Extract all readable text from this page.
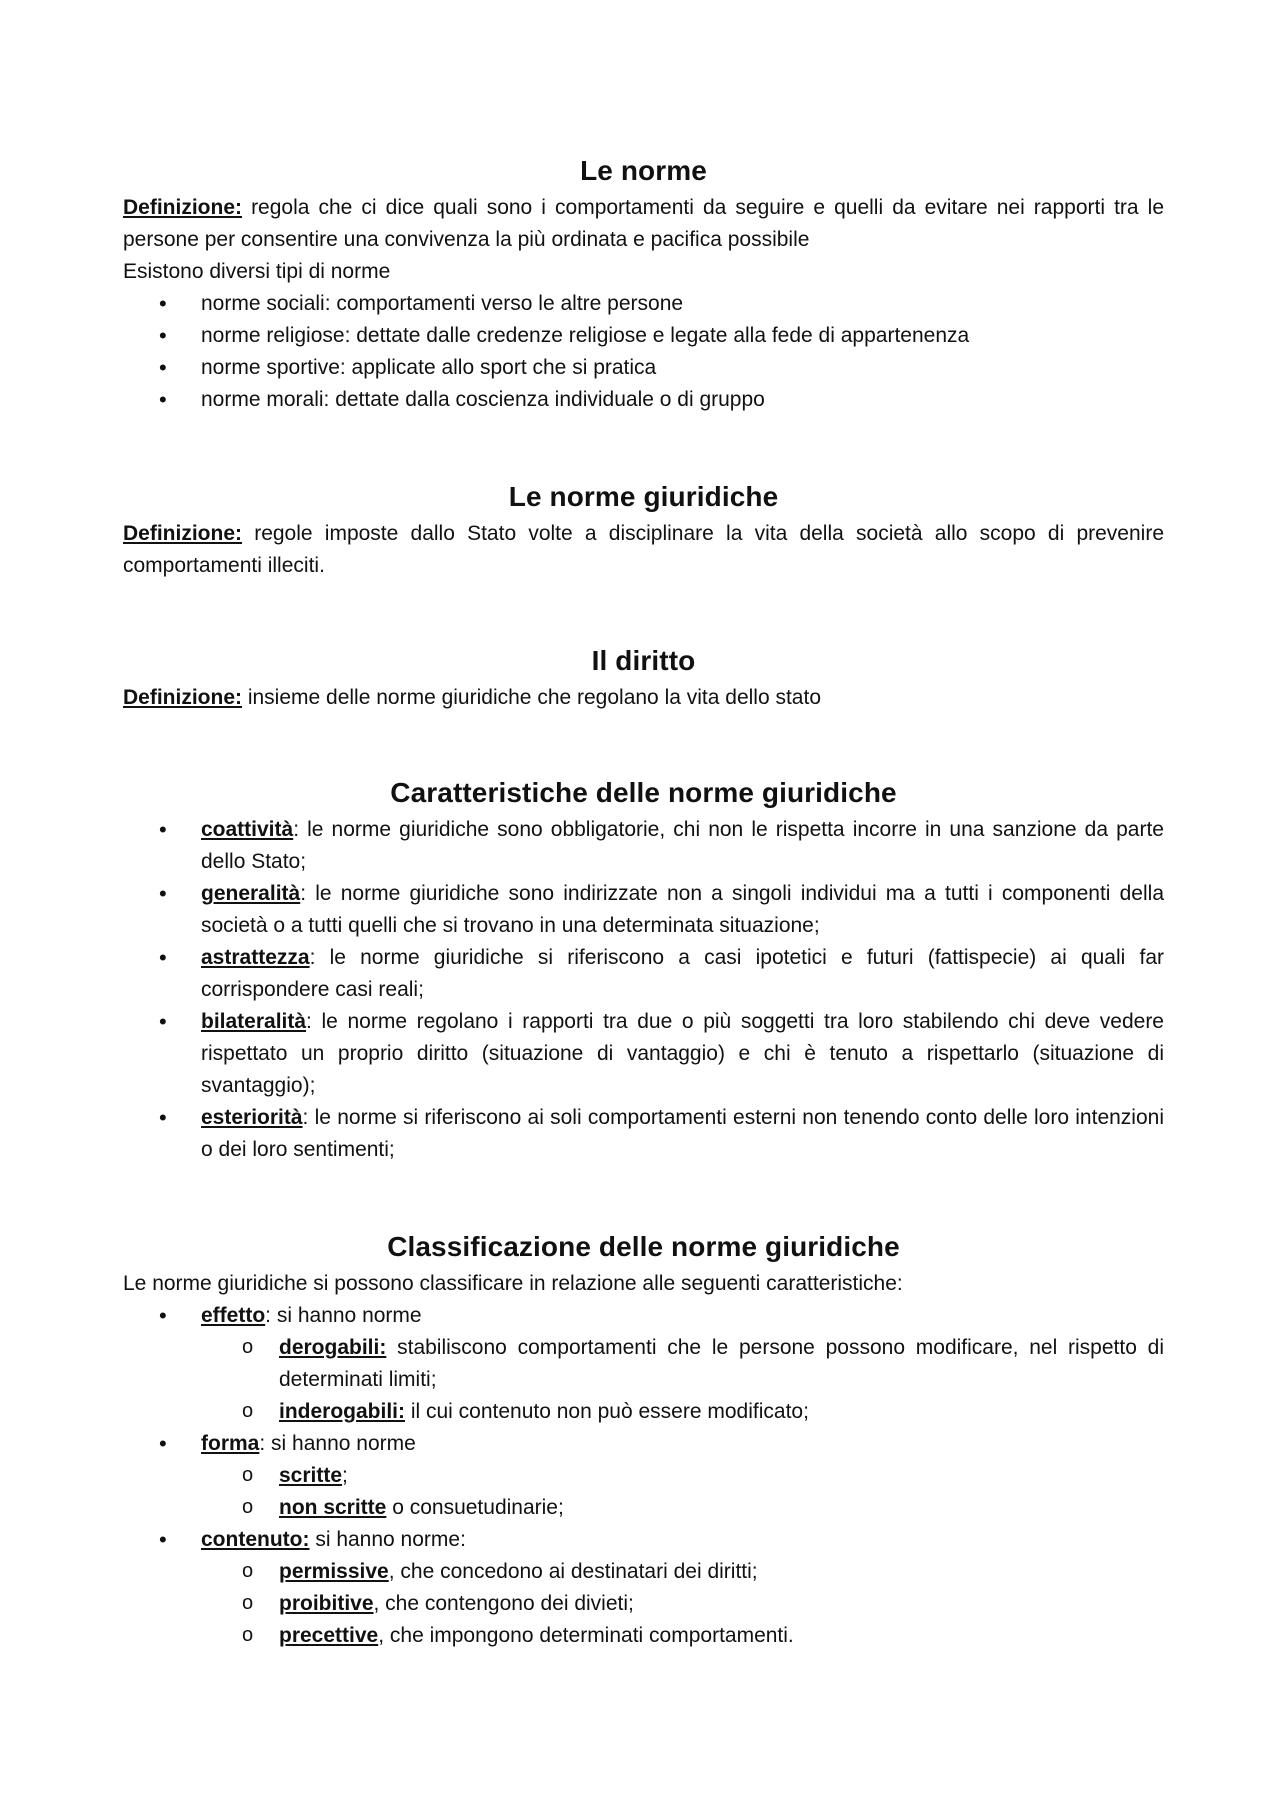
Le norme

Definizione: regola che ci dice quali sono i comportamenti da seguire e quelli da evitare nei rapporti tra le persone per consentire una convivenza la più ordinata e pacifica possibile

Esistono diversi tipi di norme

• norme sociali: comportamenti verso le altre persone
• norme religiose: dettate dalle credenze religiose e legate alla fede di appartenenza
• norme sportive: applicate allo sport che si pratica
• norme morali: dettate dalla coscienza individuale o di gruppo
Le norme giuridiche

Definizione: regole imposte dallo Stato volte a disciplinare la vita della società allo scopo di prevenire comportamenti illeciti.

Il diritto

Definizione: insieme delle norme giuridiche che regolano la vita dello stato

Caratteristiche delle norme giuridiche
• coattività: le norme giuridiche sono obbligatorie, chi non le rispetta incorre in una sanzione da parte dello Stato;
• generalità: le norme giuridiche sono indirizzate non a singoli individui ma a tutti i componenti della società o a tutti quelli che si trovano in una determinata situazione;
• astrattezza: le norme giuridiche si riferiscono a casi ipotetici e futuri (fattispecie) ai quali far corrispondere casi reali;
• bilateralità: le norme regolano i rapporti tra due o più soggetti tra loro stabilendo chi deve vedere rispettato un proprio diritto (situazione di vantaggio) e chi è tenuto a rispettarlo (situazione di svantaggio);
• esteriorità: le norme si riferiscono ai soli comportamenti esterni non tenendo conto delle loro intenzioni o dei loro sentimenti;
Classificazione delle norme giuridiche

Le norme giuridiche si possono classificare in relazione alle seguenti caratteristiche:

• effetto: si hanno norme
o derogabili: stabiliscono comportamenti che le persone possono modificare, nel rispetto di determinati limiti;
o inderogabili: il cui contenuto non può essere modificato;
• forma: si hanno norme
o scritte;
o non scritte o consuetudinarie;
• contenuto: si hanno norme:
o permissive, che concedono ai destinatari dei diritti;
o proibitive, che contengono dei divieti;
o precettive, che impongono determinati comportamenti.
